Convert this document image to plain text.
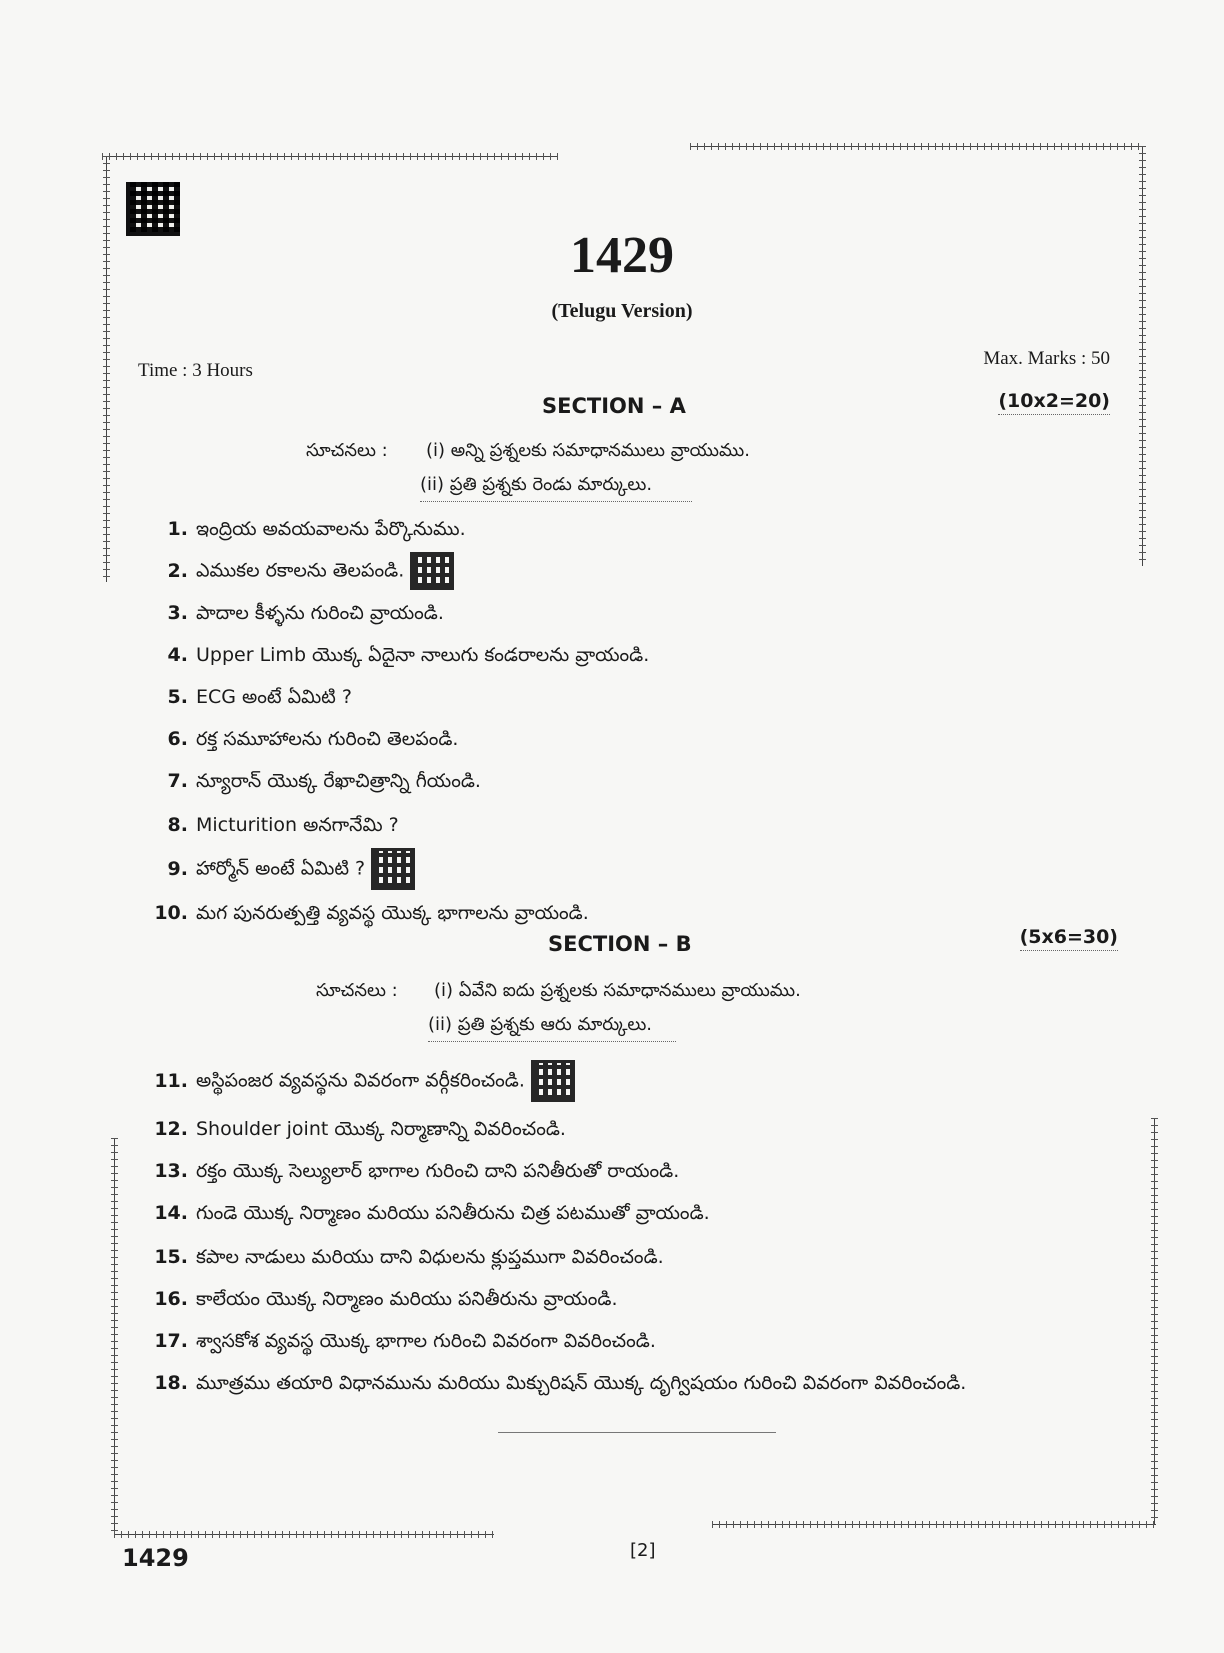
1429
(Telugu Version)
Time : 3 Hours
Max. Marks : 50
SECTION – A	(10x2=20)
సూచనలు : (i) అన్ని ప్రశ్నలకు సమాధానములు వ్రాయుము.
(ii) ప్రతి ప్రశ్నకు రెండు మార్కులు.
1. ఇంద్రియ అవయవాలను పేర్కొనుము.
2. ఎముకల రకాలను తెలపండి.
3. పాదాల కీళ్ళను గురించి వ్రాయండి.
4. Upper Limb యొక్క ఏదైనా నాలుగు కండరాలను వ్రాయండి.
5. ECG అంటే ఏమిటి ?
6. రక్త సమూహాలను గురించి తెలపండి.
7. న్యూరాన్ యొక్క రేఖాచిత్రాన్ని గీయండి.
8. Micturition అనగానేమి ?
9. హార్మోన్ అంటే ఏమిటి ?
10. మగ పునరుత్పత్తి వ్యవస్థ యొక్క భాగాలను వ్రాయండి.
SECTION – B	(5x6=30)
సూచనలు : (i) ఏవేని ఐదు ప్రశ్నలకు సమాధానములు వ్రాయుము.
(ii) ప్రతి ప్రశ్నకు ఆరు మార్కులు.
11. అస్థిపంజర వ్యవస్థను వివరంగా వర్గీకరించండి.
12. Shoulder joint యొక్క నిర్మాణాన్ని వివరించండి.
13. రక్తం యొక్క సెల్యులార్ భాగాల గురించి దాని పనితీరుతో రాయండి.
14. గుండె యొక్క నిర్మాణం మరియు పనితీరును చిత్ర పటముతో వ్రాయండి.
15. కపాల నాడులు మరియు దాని విధులను క్లుప్తముగా వివరించండి.
16. కాలేయం యొక్క నిర్మాణం మరియు పనితీరును వ్రాయండి.
17. శ్వాసకోశ వ్యవస్థ యొక్క భాగాల గురించి వివరంగా వివరించండి.
18. మూత్రము తయారి విధానమును మరియు మిక్చురిషన్ యొక్క దృగ్విషయం గురించి వివరంగా వివరించండి.
1429	[2]
